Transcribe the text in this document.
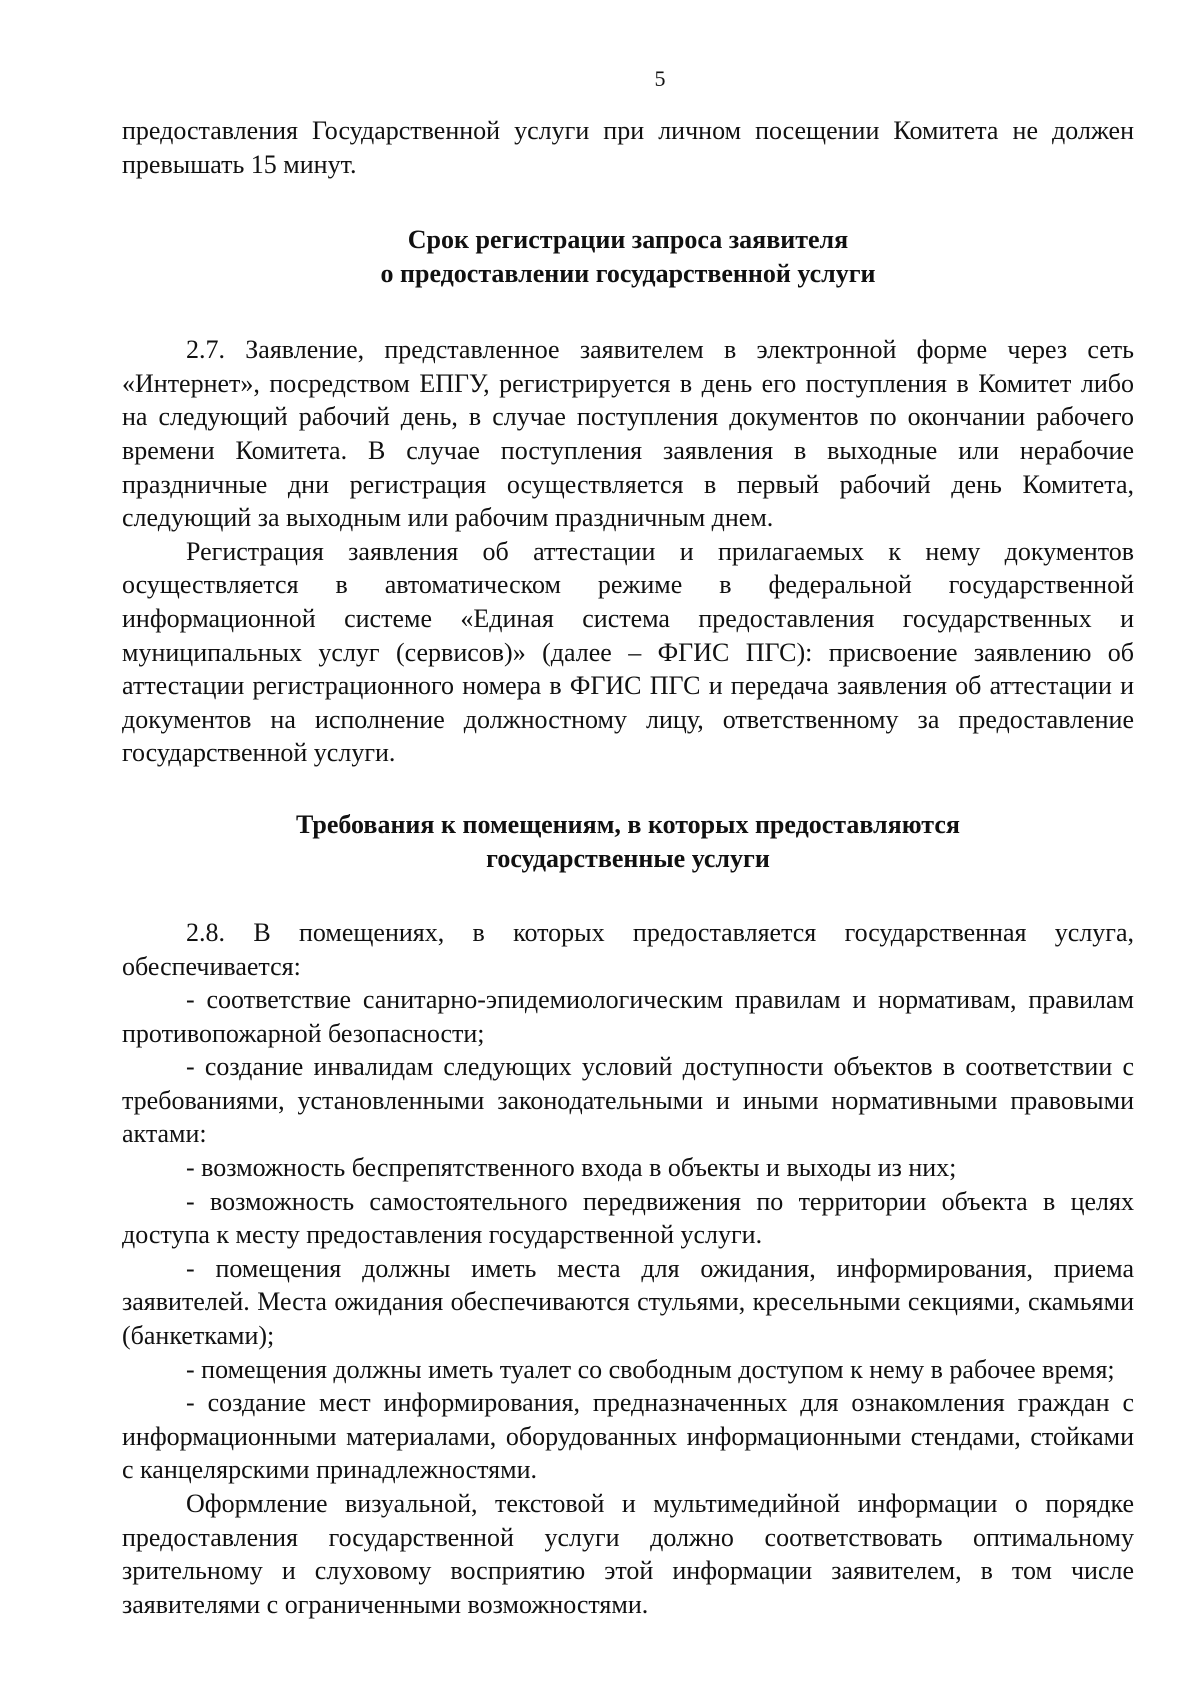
5

предоставления Государственной услуги при личном посещении Комитета не должен превышать 15 минут.

Срок регистрации запроса заявителя
о предоставлении государственной услуги

2.7. Заявление, представленное заявителем в электронной форме через сеть «Интернет», посредством ЕПГУ, регистрируется в день его поступления в Комитет либо на следующий рабочий день, в случае поступления документов по окончании рабочего времени Комитета. В случае поступления заявления в выходные или нерабочие праздничные дни регистрация осуществляется в первый рабочий день Комитета, следующий за выходным или рабочим праздничным днем.

Регистрация заявления об аттестации и прилагаемых к нему документов осуществляется в автоматическом режиме в федеральной государственной информационной системе «Единая система предоставления государственных и муниципальных услуг (сервисов)» (далее – ФГИС ПГС): присвоение заявлению об аттестации регистрационного номера в ФГИС ПГС и передача заявления об аттестации и документов на исполнение должностному лицу, ответственному за предоставление государственной услуги.

Требования к помещениям, в которых предоставляются
государственные услуги

2.8. В помещениях, в которых предоставляется государственная услуга, обеспечивается:

- соответствие санитарно-эпидемиологическим правилам и нормативам, правилам противопожарной безопасности;

- создание инвалидам следующих условий доступности объектов в соответствии с требованиями, установленными законодательными и иными нормативными правовыми актами:

- возможность беспрепятственного входа в объекты и выходы из них;

- возможность самостоятельного передвижения по территории объекта в целях доступа к месту предоставления государственной услуги.

- помещения должны иметь места для ожидания, информирования, приема заявителей. Места ожидания обеспечиваются стульями, кресельными секциями, скамьями (банкетками);

- помещения должны иметь туалет со свободным доступом к нему в рабочее время;

- создание мест информирования, предназначенных для ознакомления граждан с информационными материалами, оборудованных информационными стендами, стойками с канцелярскими принадлежностями.

Оформление визуальной, текстовой и мультимедийной информации о порядке предоставления государственной услуги должно соответствовать оптимальному зрительному и слуховому восприятию этой информации заявителем, в том числе заявителями с ограниченными возможностями.
